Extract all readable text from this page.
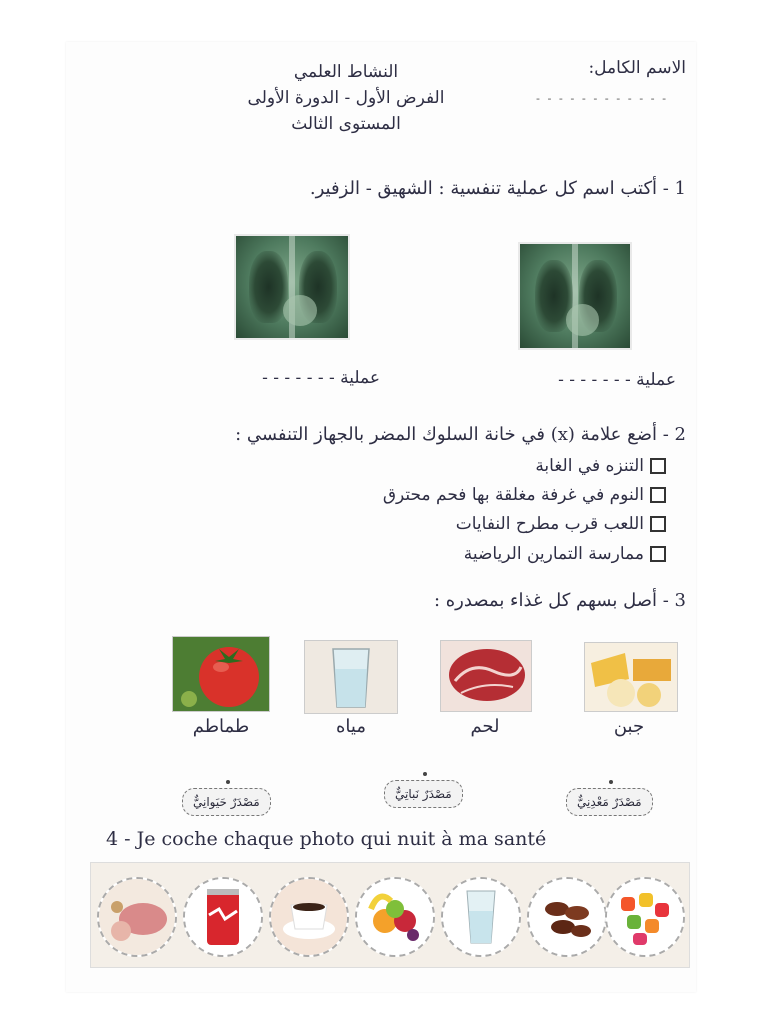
النشاط العلمي
الفرض الأول - الدورة الأولى
المستوى الثالث
الاسم الكامل:
- - - - - - - - - - - -
1 - أكتب اسم كل عملية تنفسية : الشهيق - الزفير.
عملية - - - - - - -	عملية - - - - - - -
2 - أضع علامة (x) في خانة السلوك المضر بالجهاز التنفسي :
التنزه في الغابة
النوم في غرفة مغلقة بها فحم محترق
اللعب قرب مطرح النفايات
ممارسة التمارين الرياضية
3 - أصل بسهم كل غذاء بمصدره :
طماطم	مياه	لحم	جبن
مَصْدَرٌ حَيَوانِيٌّ
مَصْدَرٌ نَباتِيٌّ
مَصْدَرٌ مَعْدِنِيٌّ
4 - Je coche chaque photo qui nuit à ma santé
